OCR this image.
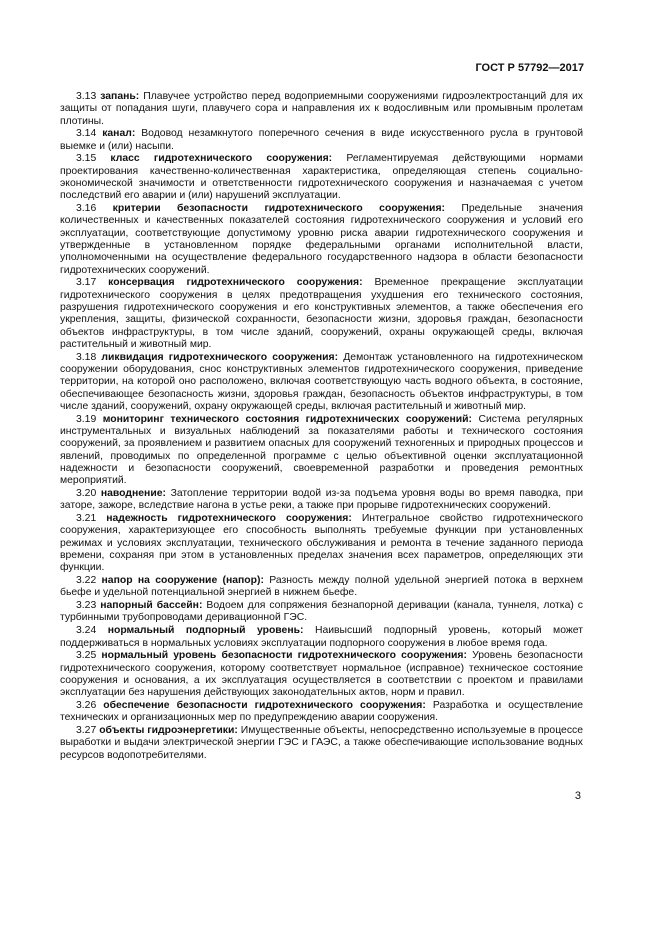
ГОСТ Р 57792—2017

3.13 запань: Плавучее устройство перед водоприемными сооружениями гидроэлектростанций для их защиты от попадания шуги, плавучего сора и направления их к водосливным или промывным пролетам плотины.

3.14 канал: Водовод незамкнутого поперечного сечения в виде искусственного русла в грунтовой выемке и (или) насыпи.

3.15 класс гидротехнического сооружения: Регламентируемая действующими нормами проектирования качественно-количественная характеристика, определяющая степень социально-экономической значимости и ответственности гидротехнического сооружения и назначаемая с учетом последствий его аварии и (или) нарушений эксплуатации.

3.16 критерии безопасности гидротехнического сооружения: Предельные значения количественных и качественных показателей состояния гидротехнического сооружения и условий его эксплуатации, соответствующие допустимому уровню риска аварии гидротехнического сооружения и утвержденные в установленном порядке федеральными органами исполнительной власти, уполномоченными на осуществление федерального государственного надзора в области безопасности гидротехнических сооружений.

3.17 консервация гидротехнического сооружения: Временное прекращение эксплуатации гидротехнического сооружения в целях предотвращения ухудшения его технического состояния, разрушения гидротехнического сооружения и его конструктивных элементов, а также обеспечения его укрепления, защиты, физической сохранности, безопасности жизни, здоровья граждан, безопасности объектов инфраструктуры, в том числе зданий, сооружений, охраны окружающей среды, включая растительный и животный мир.

3.18 ликвидация гидротехнического сооружения: Демонтаж установленного на гидротехническом сооружении оборудования, снос конструктивных элементов гидротехнического сооружения, приведение территории, на которой оно расположено, включая соответствующую часть водного объекта, в состояние, обеспечивающее безопасность жизни, здоровья граждан, безопасность объектов инфраструктуры, в том числе зданий, сооружений, охрану окружающей среды, включая растительный и животный мир.

3.19 мониторинг технического состояния гидротехнических сооружений: Система регулярных инструментальных и визуальных наблюдений за показателями работы и технического состояния сооружений, за проявлением и развитием опасных для сооружений техногенных и природных процессов и явлений, проводимых по определенной программе с целью объективной оценки эксплуатационной надежности и безопасности сооружений, своевременной разработки и проведения ремонтных мероприятий.

3.20 наводнение: Затопление территории водой из-за подъема уровня воды во время паводка, при заторе, зажоре, вследствие нагона в устье реки, а также при прорыве гидротехнических сооружений.

3.21 надежность гидротехнического сооружения: Интегральное свойство гидротехнического сооружения, характеризующее его способность выполнять требуемые функции при установленных режимах и условиях эксплуатации, технического обслуживания и ремонта в течение заданного периода времени, сохраняя при этом в установленных пределах значения всех параметров, определяющих эти функции.

3.22 напор на сооружение (напор): Разность между полной удельной энергией потока в верхнем бьефе и удельной потенциальной энергией в нижнем бьефе.

3.23 напорный бассейн: Водоем для сопряжения безнапорной деривации (канала, туннеля, лотка) с турбинными трубопроводами деривационной ГЭС.

3.24 нормальный подпорный уровень: Наивысший подпорный уровень, который может поддерживаться в нормальных условиях эксплуатации подпорного сооружения в любое время года.

3.25 нормальный уровень безопасности гидротехнического сооружения: Уровень безопасности гидротехнического сооружения, которому соответствует нормальное (исправное) техническое состояние сооружения и основания, а их эксплуатация осуществляется в соответствии с проектом и правилами эксплуатации без нарушения действующих законодательных актов, норм и правил.

3.26 обеспечение безопасности гидротехнического сооружения: Разработка и осуществление технических и организационных мер по предупреждению аварии сооружения.

3.27 объекты гидроэнергетики: Имущественные объекты, непосредственно используемые в процессе выработки и выдачи электрической энергии ГЭС и ГАЭС, а также обеспечивающие использование водных ресурсов водопотребителями.

3
